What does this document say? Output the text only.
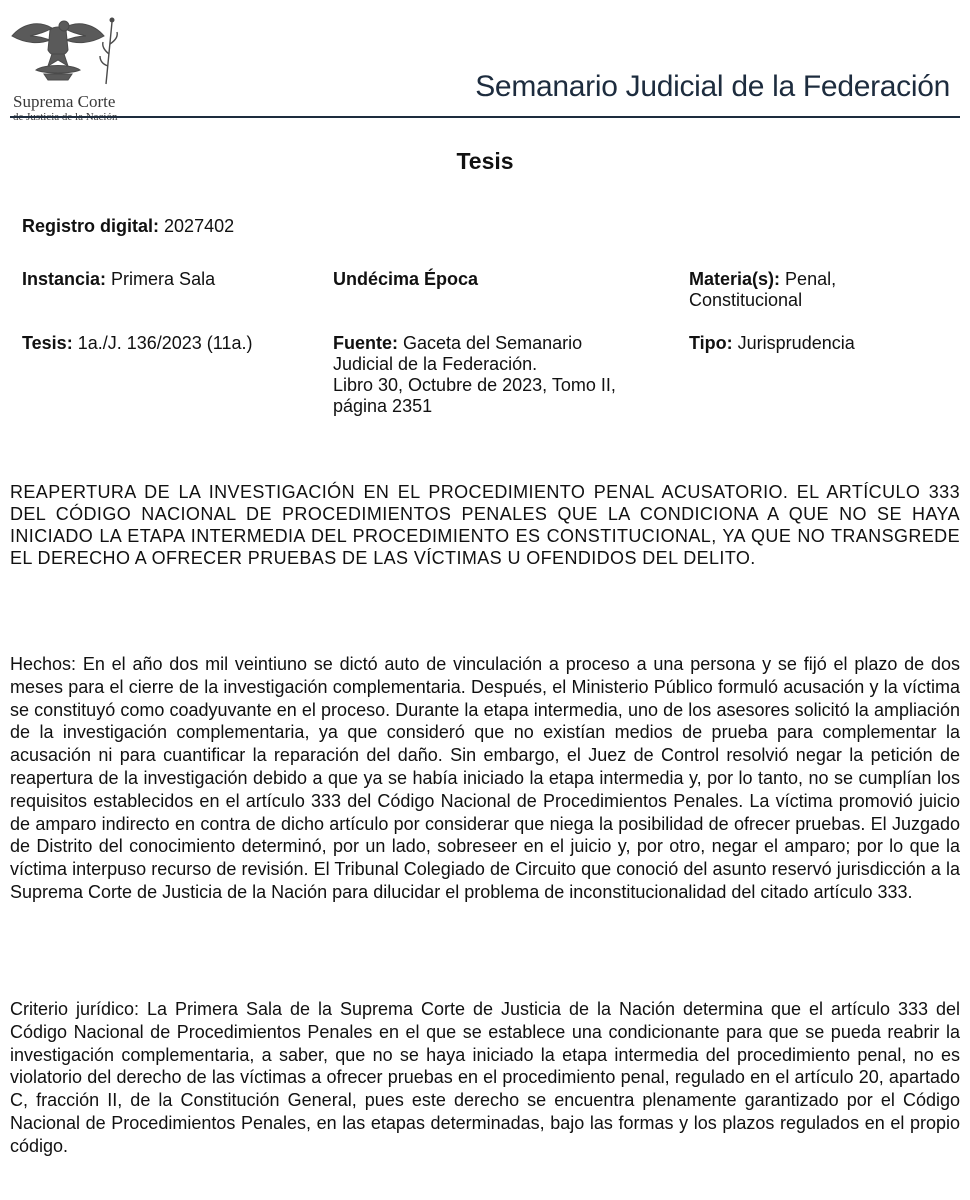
Suprema Corte	Semanario Judicial de la Federación
Tesis
Registro digital: 2027402
Instancia: Primera Sala	Undécima Época	Materia(s): Penal,
Constitucional
Tesis: 1a./J. 136/2023 (11a.)	Fuente: Gaceta del Semanario
Judicial de la Federación.
Libro 30, Octubre de 2023, Tomo II,
página 2351
Tipo: Jurisprudencia
REAPERTURA DE LA INVESTIGACIÓN EN EL PROCEDIMIENTO PENAL ACUSATORIO. EL ARTÍCULO 333 DEL CÓDIGO NACIONAL DE PROCEDIMIENTOS PENALES QUE LA CONDICIONA A QUE NO SE HAYA INICIADO LA ETAPA INTERMEDIA DEL PROCEDIMIENTO ES CONSTITUCIONAL, YA QUE NO TRANSGREDE EL DERECHO A OFRECER PRUEBAS DE LAS VÍCTIMAS U OFENDIDOS DEL DELITO.
Hechos: En el año dos mil veintiuno se dictó auto de vinculación a proceso a una persona y se fijó el plazo de dos meses para el cierre de la investigación complementaria. Después, el Ministerio Público formuló acusación y la víctima se constituyó como coadyuvante en el proceso. Durante la etapa intermedia, uno de los asesores solicitó la ampliación de la investigación complementaria, ya que consideró que no existían medios de prueba para complementar la acusación ni para cuantificar la reparación del daño. Sin embargo, el Juez de Control resolvió negar la petición de reapertura de la investigación debido a que ya se había iniciado la etapa intermedia y, por lo tanto, no se cumplían los requisitos establecidos en el artículo 333 del Código Nacional de Procedimientos Penales. La víctima promovió juicio de amparo indirecto en contra de dicho artículo por considerar que niega la posibilidad de ofrecer pruebas. El Juzgado de Distrito del conocimiento determinó, por un lado, sobreseer en el juicio y, por otro, negar el amparo; por lo que la víctima interpuso recurso de revisión. El Tribunal Colegiado de Circuito que conoció del asunto reservó jurisdicción a la Suprema Corte de Justicia de la Nación para dilucidar el problema de inconstitucionalidad del citado artículo 333.
Criterio jurídico: La Primera Sala de la Suprema Corte de Justicia de la Nación determina que el artículo 333 del Código Nacional de Procedimientos Penales en el que se establece una condicionante para que se pueda reabrir la investigación complementaria, a saber, que no se haya iniciado la etapa intermedia del procedimiento penal, no es violatorio del derecho de las víctimas a ofrecer pruebas en el procedimiento penal, regulado en el artículo 20, apartado C, fracción II, de la Constitución General, pues este derecho se encuentra plenamente garantizado por el Código Nacional de Procedimientos Penales, en las etapas determinadas, bajo las formas y los plazos regulados en el propio código.
